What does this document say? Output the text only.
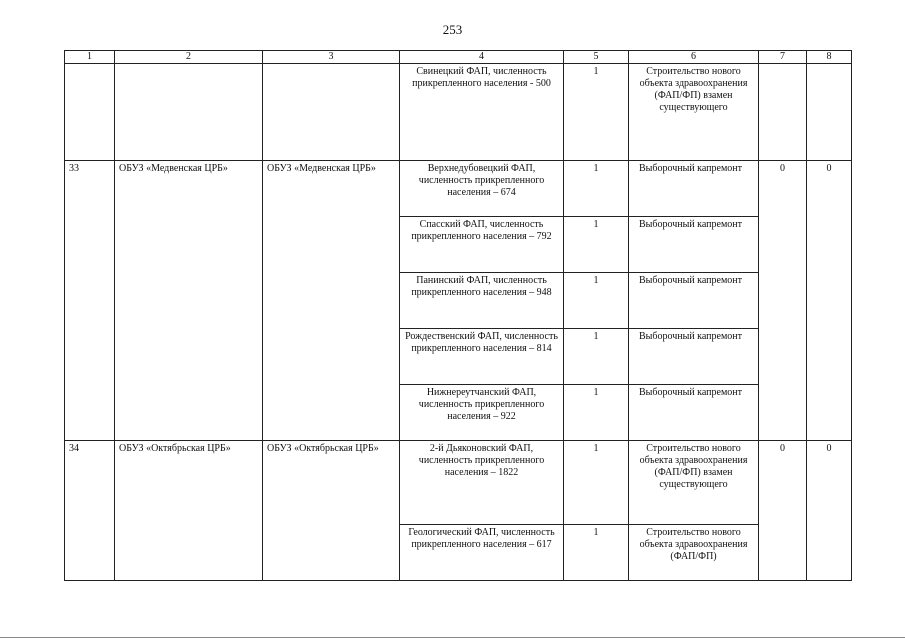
253
1	2	3	4	5	6	7	8
			Свинецкий ФАП, численность прикрепленного населения - 500	1	Строительство нового объекта здравоохранения (ФАП/ФП) взамен существующего		
33	ОБУЗ «Медвенская ЦРБ»	ОБУЗ «Медвенская ЦРБ»	Верхнедубовецкий ФАП, численность прикрепленного населения – 674	1	Выборочный капремонт	0	0
			Спасский ФАП, численность прикрепленного населения – 792	1	Выборочный капремонт		
			Панинский ФАП, численность прикрепленного населения – 948	1	Выборочный капремонт		
			Рождественский ФАП, численность прикрепленного населения – 814	1	Выборочный капремонт		
			Нижнереутчанский ФАП, численность прикрепленного населения – 922	1	Выборочный капремонт		
34	ОБУЗ «Октябрьская ЦРБ»	ОБУЗ «Октябрьская ЦРБ»	2-й Дьяконовский ФАП, численность прикрепленного населения – 1822	1	Строительство нового объекта здравоохранения (ФАП/ФП) взамен существующего	0	0
			Геологический ФАП, численность прикрепленного населения – 617	1	Строительство нового объекта здравоохранения (ФАП/ФП)		
